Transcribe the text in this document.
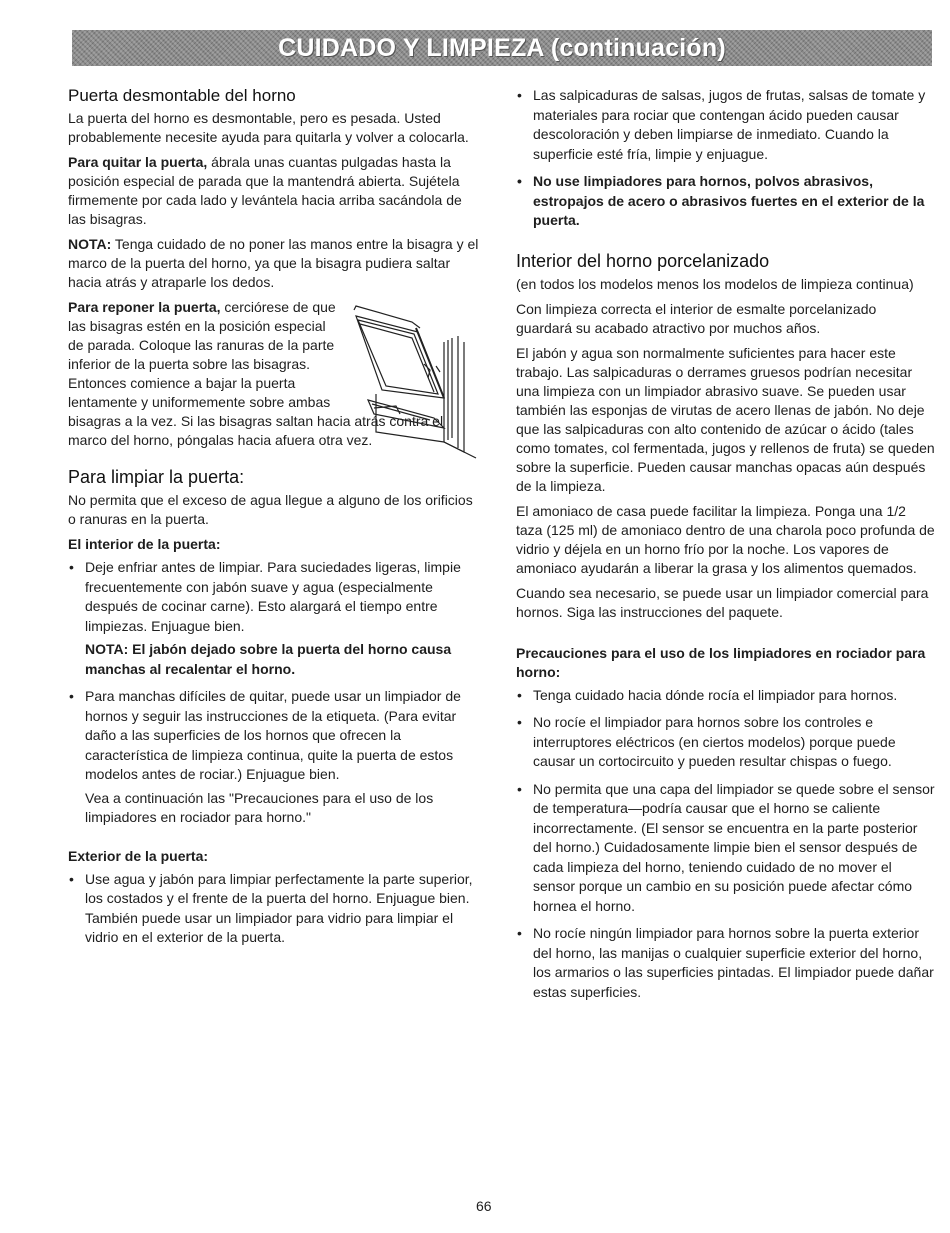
CUIDADO Y LIMPIEZA (continuación)
Puerta desmontable del horno

La puerta del horno es desmontable, pero es pesada. Usted probablemente necesite ayuda para quitarla y volver a colocarla.

Para quitar la puerta, ábrala unas cuantas pulgadas hasta la posición especial de parada que la mantendrá abierta. Sujétela firmemente por cada lado y levántela hacia arriba sacándola de las bisagras.

NOTA: Tenga cuidado de no poner las manos entre la bisagra y el marco de la puerta del horno, ya que la bisagra pudiera saltar hacia atrás y atraparle los dedos.

Para reponer la puerta, cerciórese de que las bisagras estén en la posición especial de parada. Coloque las ranuras de la parte inferior de la puerta sobre las bisagras. Entonces comience a bajar la puerta lentamente y uniformemente sobre ambas

bisagras a la vez. Si las bisagras saltan hacia atrás contra el marco del horno, póngalas hacia afuera otra vez.

Para limpiar la puerta:

No permita que el exceso de agua llegue a alguno de los orificios o ranuras en la puerta.

El interior de la puerta:
• Deje enfriar antes de limpiar. Para suciedades ligeras, limpie frecuentemente con jabón suave y agua (especialmente después de cocinar carne). Esto alargará el tiempo entre limpiezas. Enjuague bien.
NOTA: El jabón dejado sobre la puerta del horno causa manchas al recalentar el horno.
• Para manchas difíciles de quitar, puede usar un limpiador de hornos y seguir las instrucciones de la etiqueta. (Para evitar daño a las superficies de los hornos que ofrecen la característica de limpieza continua, quite la puerta de estos modelos antes de rociar.) Enjuague bien.

Vea a continuación las "Precauciones para el uso de los limpiadores en rociador para horno."

Exterior de la puerta:
• Use agua y jabón para limpiar perfectamente la parte superior, los costados y el frente de la puerta del horno. Enjuague bien. También puede usar un limpiador para vidrio para limpiar el vidrio en el exterior de la puerta.
• Las salpicaduras de salsas, jugos de frutas, salsas de tomate y materiales para rociar que contengan ácido pueden causar descoloración y deben limpiarse de inmediato. Cuando la superficie esté fría, limpie y enjuague.
• No use limpiadores para hornos, polvos abrasivos, estropajos de acero o abrasivos fuertes en el exterior de la puerta.
Interior del horno porcelanizado

(en todos los modelos menos los modelos de limpieza continua)

Con limpieza correcta el interior de esmalte porcelanizado guardará su acabado atractivo por muchos años.

El jabón y agua son normalmente suficientes para hacer este trabajo. Las salpicaduras o derrames gruesos podrían necesitar una limpieza con un limpiador abrasivo suave. Se pueden usar también las esponjas de virutas de acero llenas de jabón. No deje que las salpicaduras con alto contenido de azúcar o ácido (tales como tomates, col fermentada, jugos y rellenos de fruta) se queden sobre la superficie. Pueden causar manchas opacas aún después de la limpieza.

El amoniaco de casa puede facilitar la limpieza. Ponga una 1/2 taza (125 ml) de amoniaco dentro de una charola poco profunda de vidrio y déjela en un horno frío por la noche. Los vapores de amoniaco ayudarán a liberar la grasa y los alimentos quemados.

Cuando sea necesario, se puede usar un limpiador comercial para hornos. Siga las instrucciones del paquete.

Precauciones para el uso de los limpiadores en rociador para horno:
• Tenga cuidado hacia dónde rocía el limpiador para hornos.
• No rocíe el limpiador para hornos sobre los controles e interruptores eléctricos (en ciertos modelos) porque puede causar un cortocircuito y pueden resultar chispas o fuego.
• No permita que una capa del limpiador se quede sobre el sensor de temperatura—podría causar que el horno se caliente incorrectamente. (El sensor se encuentra en la parte posterior del horno.) Cuidadosamente limpie bien el sensor después de cada limpieza del horno, teniendo cuidado de no mover el sensor porque un cambio en su posición puede afectar cómo hornea el horno.
• No rocíe ningún limpiador para hornos sobre la puerta exterior del horno, las manijas o cualquier superficie exterior del horno, los armarios o las superficies pintadas. El limpiador puede dañar estas superficies.
66
